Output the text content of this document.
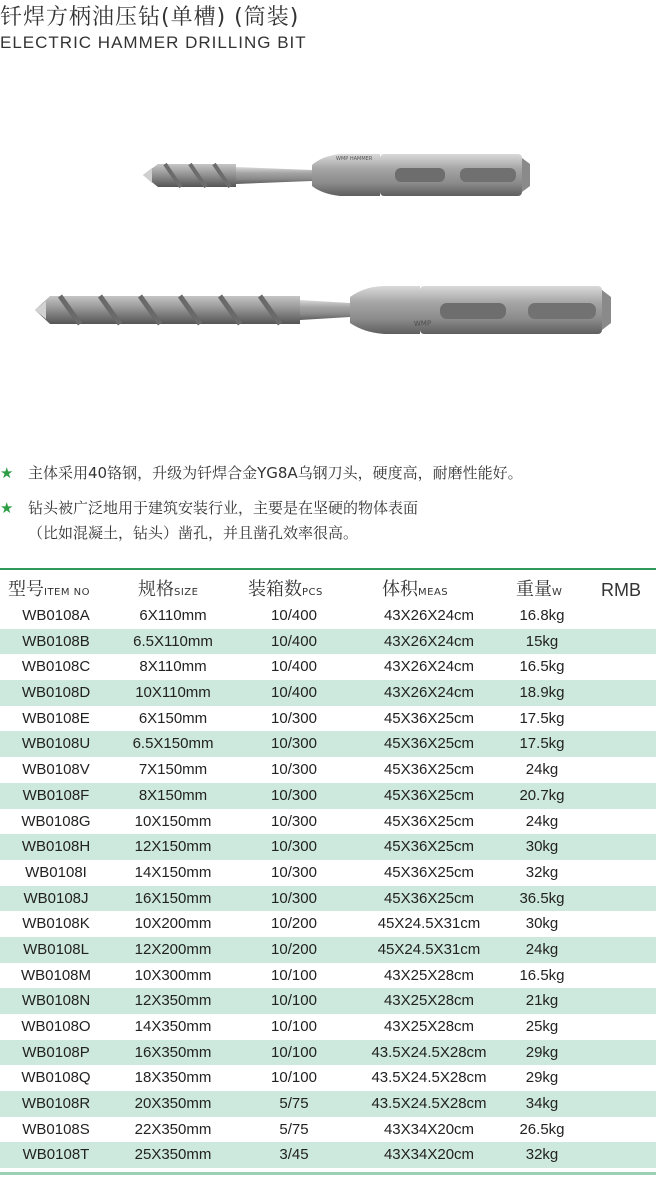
钎焊方柄油压钻(单槽) (筒装)
ELECTRIC HAMMER DRILLING BIT
WMP HAMMER
WMP
★ 主体采用40铬钢，升级为钎焊合金YG8A乌钢刀头，硬度高，耐磨性能好。
★ 钻头被广泛地用于建筑安装行业，主要是在坚硬的物体表面
（比如混凝土，钻头）凿孔，并且凿孔效率很高。
型号ITEM NO	规格SIZE	装箱数PCS	体积MEAS	重量W RMB
WB0108A	6X110mm	10/400	43X26X24cm	16.8kg
WB0108B	6.5X110mm	10/400	43X26X24cm	15kg
WB0108C	8X110mm	10/400	43X26X24cm	16.5kg
WB0108D	10X110mm	10/400	43X26X24cm	18.9kg
WB0108E	6X150mm	10/300	45X36X25cm	17.5kg
WB0108U	6.5X150mm	10/300	45X36X25cm	17.5kg
WB0108V	7X150mm	10/300	45X36X25cm	24kg
WB0108F	8X150mm	10/300	45X36X25cm	20.7kg
WB0108G	10X150mm	10/300	45X36X25cm	24kg
WB0108H	12X150mm	10/300	45X36X25cm	30kg
WB0108I	14X150mm	10/300	45X36X25cm	32kg
WB0108J	16X150mm	10/300	45X36X25cm	36.5kg
WB0108K	10X200mm	10/200	45X24.5X31cm	30kg
WB0108L	12X200mm	10/200	45X24.5X31cm	24kg
WB0108M	10X300mm	10/100	43X25X28cm	16.5kg
WB0108N	12X350mm	10/100	43X25X28cm	21kg
WB0108O	14X350mm	10/100	43X25X28cm	25kg
WB0108P	16X350mm	10/100	43.5X24.5X28cm	29kg
WB0108Q	18X350mm	10/100	43.5X24.5X28cm	29kg
WB0108R	20X350mm	5/75	43.5X24.5X28cm	34kg
WB0108S	22X350mm	5/75	43X34X20cm	26.5kg
WB0108T	25X350mm	3/45	43X34X20cm	32kg
